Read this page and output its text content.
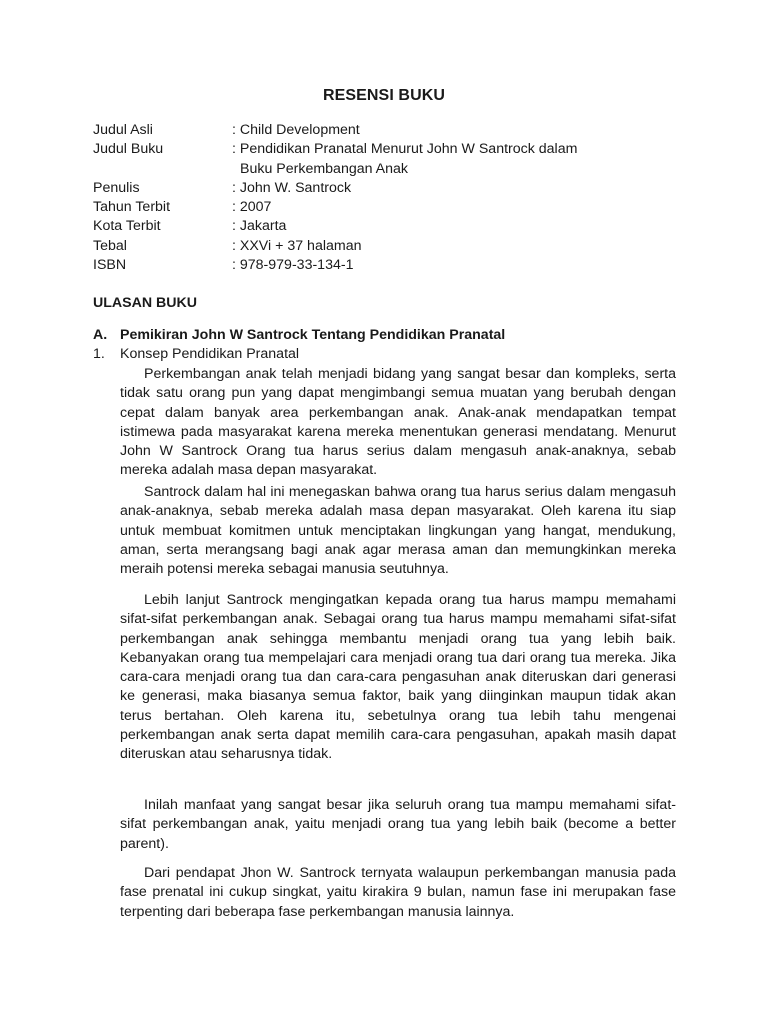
RESENSI BUKU
Judul Asli	: Child Development
Judul Buku	: Pendidikan Pranatal Menurut John W Santrock dalam
Buku Perkembangan Anak
Penulis	: John W. Santrock
Tahun Terbit	: 2007
Kota Terbit	: Jakarta
Tebal	: XXVi + 37 halaman
ISBN	: 978-979-33-134-1
ULASAN BUKU
A. Pemikiran John W Santrock Tentang Pendidikan Pranatal
1.	Konsep Pendidikan Pranatal

Perkembangan anak telah menjadi bidang yang sangat besar dan kompleks, serta tidak satu orang pun yang dapat mengimbangi semua muatan yang berubah dengan cepat dalam banyak area perkembangan anak. Anak-anak mendapatkan tempat istimewa pada masyarakat karena mereka menentukan generasi mendatang. Menurut John W Santrock Orang tua harus serius dalam mengasuh anak-anaknya, sebab mereka adalah masa depan masyarakat.

Santrock dalam hal ini menegaskan bahwa orang tua harus serius dalam mengasuh anak-anaknya, sebab mereka adalah masa depan masyarakat. Oleh karena itu siap untuk membuat komitmen untuk menciptakan lingkungan yang hangat, mendukung, aman, serta merangsang bagi anak agar merasa aman dan memungkinkan mereka meraih potensi mereka sebagai manusia seutuhnya.

Lebih lanjut Santrock mengingatkan kepada orang tua harus mampu memahami sifat-sifat perkembangan anak. Sebagai orang tua harus mampu memahami sifat-sifat perkembangan anak sehingga membantu menjadi orang tua yang lebih baik. Kebanyakan orang tua mempelajari cara menjadi orang tua dari orang tua mereka. Jika cara-cara menjadi orang tua dan cara-cara pengasuhan anak diteruskan dari generasi ke generasi, maka biasanya semua faktor, baik yang diinginkan maupun tidak akan terus bertahan. Oleh karena itu, sebetulnya orang tua lebih tahu mengenai perkembangan anak serta dapat memilih cara-cara pengasuhan, apakah masih dapat diteruskan atau seharusnya tidak.

Inilah manfaat yang sangat besar jika seluruh orang tua mampu memahami sifat-sifat perkembangan anak, yaitu menjadi orang tua yang lebih baik (become a better parent).

Dari pendapat Jhon W. Santrock ternyata walaupun perkembangan manusia pada fase prenatal ini cukup singkat, yaitu kirakira 9 bulan, namun fase ini merupakan fase terpenting dari beberapa fase perkembangan manusia lainnya.
